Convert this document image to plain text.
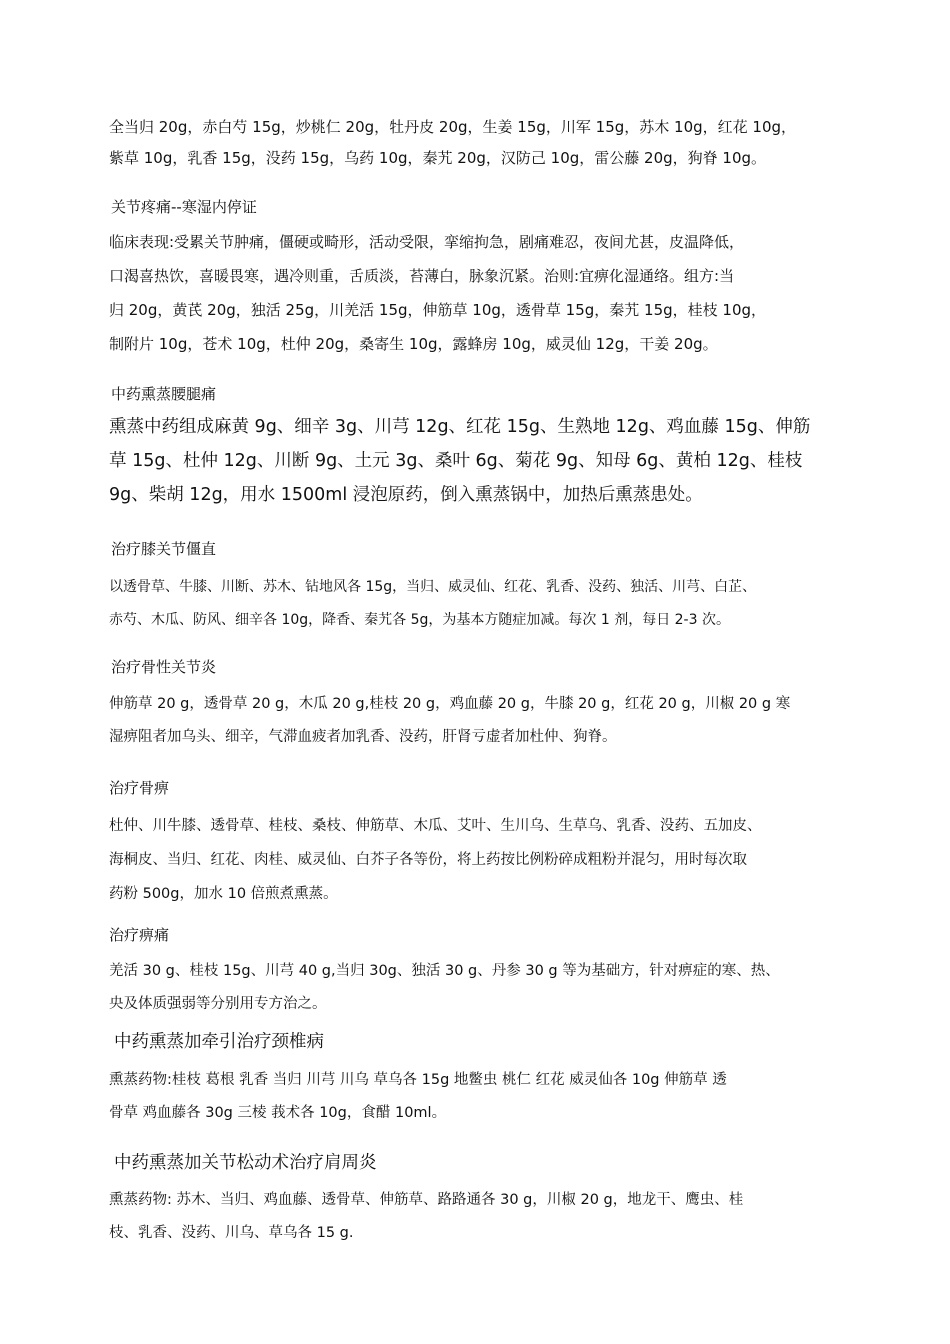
全当归 20g，赤白芍 15g，炒桃仁 20g，牡丹皮 20g，生姜 15g，川军 15g，苏木 10g，红花 10g，
紫草 10g，乳香 15g，没药 15g，乌药 10g，秦艽 20g，汉防己 10g，雷公藤 20g，狗脊 10g。
关节疼痛--寒湿内停证
临床表现:受累关节肿痛，僵硬或畸形，活动受限，挛缩拘急，剧痛难忍，夜间尤甚，皮温降低，
口渴喜热饮，喜暖畏寒，遇冷则重，舌质淡，苔薄白，脉象沉紧。治则:宜痹化湿通络。组方:当
归 20g，黄芪 20g，独活 25g，川羌活 15g，伸筋草 10g，透骨草 15g，秦艽 15g，桂枝 10g，
制附片 10g，苍术 10g，杜仲 20g，桑寄生 10g，露蜂房 10g，威灵仙 12g，干姜 20g。
中药熏蒸腰腿痛
熏蒸中药组成麻黄 9g、细辛 3g、川芎 12g、红花 15g、生熟地 12g、鸡血藤 15g、伸筋
草 15g、杜仲 12g、川断 9g、土元 3g、桑叶 6g、菊花 9g、知母 6g、黄柏 12g、桂枝
9g、柴胡 12g，用水 1500ml 浸泡原药，倒入熏蒸锅中，加热后熏蒸患处。
治疗膝关节僵直
以透骨草、牛膝、川断、苏木、钻地风各 15g，当归、威灵仙、红花、乳香、没药、独活、川芎、白芷、
赤芍、木瓜、防风、细辛各 10g，降香、秦艽各 5g，为基本方随症加减。每次 1 剂，每日 2-3 次。
治疗骨性关节炎
伸筋草 20 g，透骨草 20 g，木瓜 20 g,桂枝 20 g，鸡血藤 20 g，牛膝 20 g，红花 20 g，川椒 20 g 寒
湿痹阻者加乌头、细辛，气滞血疲者加乳香、没药，肝肾亏虚者加杜仲、狗脊。
治疗骨痹
杜仲、川牛膝、透骨草、桂枝、桑枝、伸筋草、木瓜、艾叶、生川乌、生草乌、乳香、没药、五加皮、
海桐皮、当归、红花、肉桂、威灵仙、白芥子各等份，将上药按比例粉碎成粗粉并混匀，用时每次取
药粉 500g，加水 10 倍煎煮熏蒸。
治疗痹痛
羌活 30 g、桂枝 15g、川芎 40 g,当归 30g、独活 30 g、丹参 30 g 等为基础方，针对痹症的寒、热、
央及体质强弱等分别用专方治之。
中药熏蒸加牵引治疗颈椎病
熏蒸药物:桂枝 葛根 乳香 当归 川芎 川乌 草乌各 15g 地鳖虫 桃仁 红花 威灵仙各 10g 伸筋草 透
骨草 鸡血藤各 30g 三棱 莪术各 10g，食醋 10ml。
中药熏蒸加关节松动术治疗肩周炎
熏蒸药物: 苏木、当归、鸡血藤、透骨草、伸筋草、路路通各 30 g，川椒 20 g，地龙干、鹰虫、桂
枝、乳香、没药、川乌、草乌各 15 g.
